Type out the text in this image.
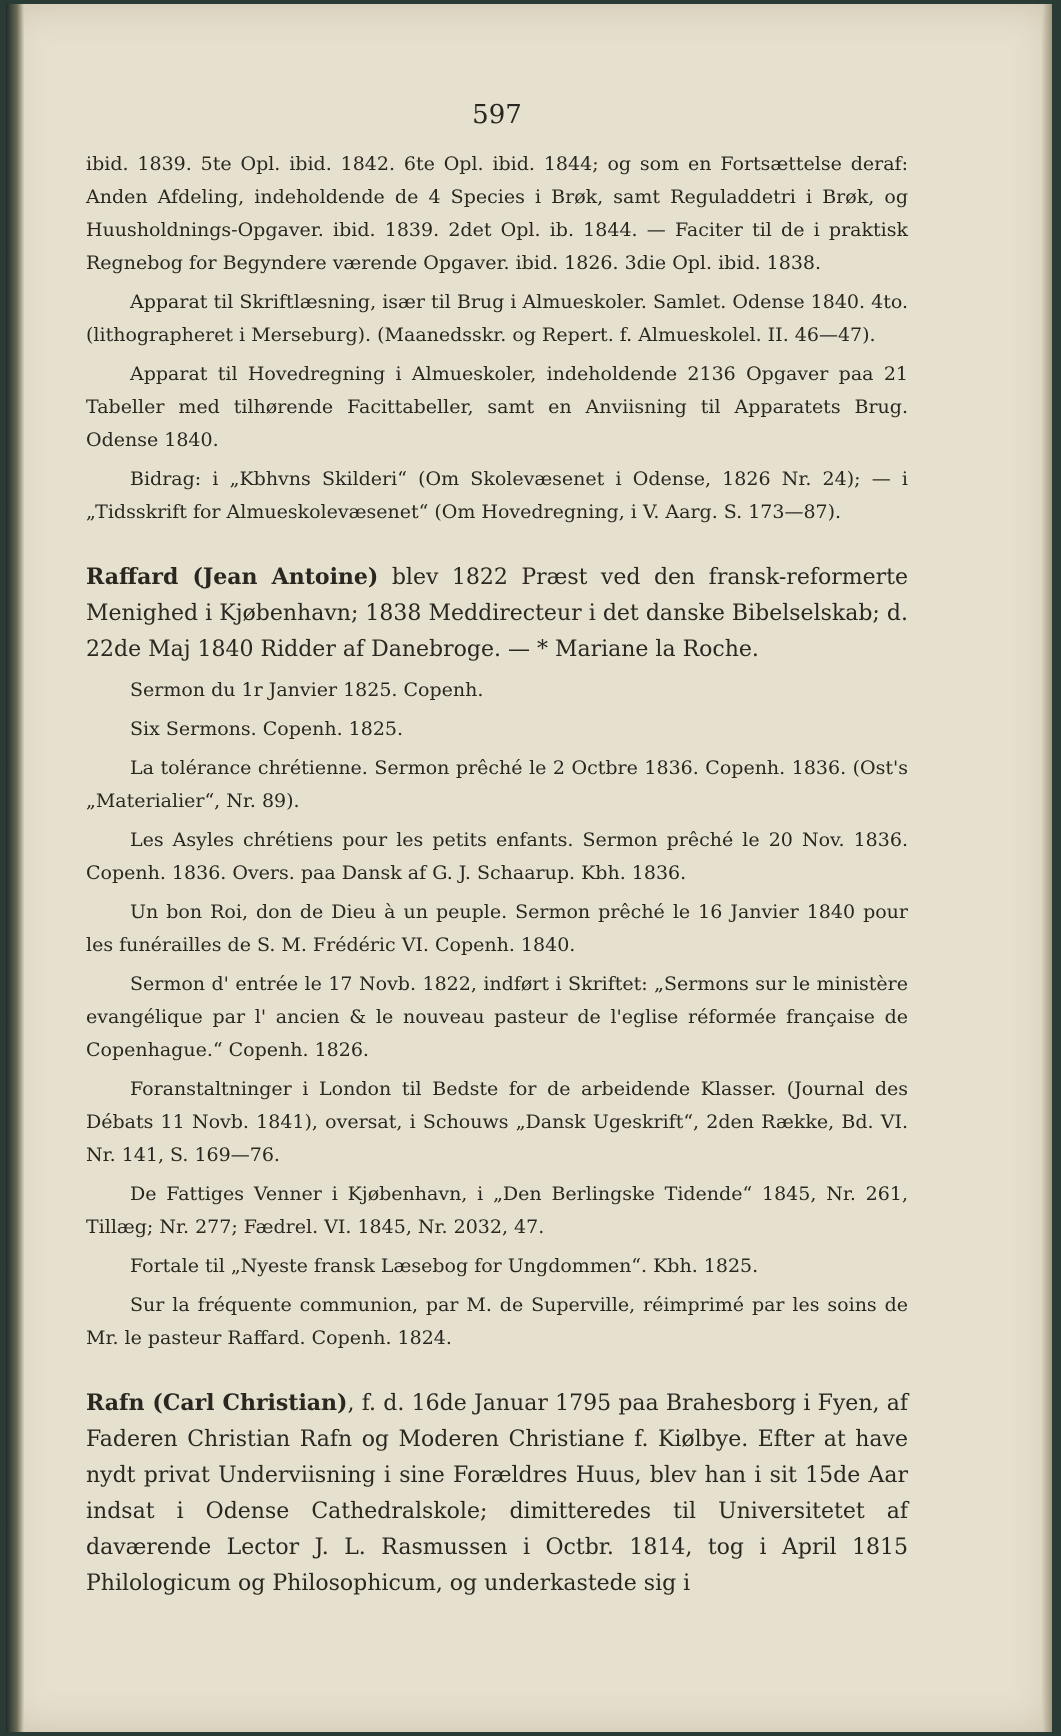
597
ibid. 1839. 5te Opl. ibid. 1842. 6te Opl. ibid. 1844; og som en Fortsættelse deraf: Anden Afdeling, indeholdende de 4 Species i Brøk, samt Reguladdetri i Brøk, og Huusholdnings-Opgaver. ibid. 1839. 2det Opl. ib. 1844. — Faciter til de i praktisk Regnebog for Begyndere værende Opgaver. ibid. 1826. 3die Opl. ibid. 1838.
Apparat til Skriftlæsning, især til Brug i Almueskoler. Samlet. Odense 1840. 4to. (lithographeret i Merseburg). (Maanedsskr. og Repert. f. Almueskolel. II. 46—47).
Apparat til Hovedregning i Almueskoler, indeholdende 2136 Opgaver paa 21 Tabeller med tilhørende Facittabeller, samt en Anviisning til Apparatets Brug. Odense 1840.
Bidrag: i „Kbhvns Skilderi“ (Om Skolevæsenet i Odense, 1826 Nr. 24); — i „Tidsskrift for Almueskolevæsenet“ (Om Hovedregning, i V. Aarg. S. 173—87).
Raffard (Jean Antoine) blev 1822 Præst ved den fransk-reformerte Menighed i Kjøbenhavn; 1838 Meddirecteur i det danske Bibelselskab; d. 22de Maj 1840 Ridder af Danebroge. — * Mariane la Roche.
Sermon du 1r Janvier 1825. Copenh.
Six Sermons. Copenh. 1825.
La tolérance chrétienne. Sermon prêché le 2 Octbre 1836. Copenh. 1836. (Ost's „Materialier“, Nr. 89).
Les Asyles chrétiens pour les petits enfants. Sermon prêché le 20 Nov. 1836. Copenh. 1836. Overs. paa Dansk af G. J. Schaarup. Kbh. 1836.
Un bon Roi, don de Dieu à un peuple. Sermon prêché le 16 Janvier 1840 pour les funérailles de S. M. Frédéric VI. Copenh. 1840.
Sermon d' entrée le 17 Novb. 1822, indført i Skriftet: „Sermons sur le ministère evangélique par l' ancien & le nouveau pasteur de l'eglise réformée française de Copenhague.“ Copenh. 1826.
Foranstaltninger i London til Bedste for de arbeidende Klasser. (Journal des Débats 11 Novb. 1841), oversat, i Schouws „Dansk Ugeskrift“, 2den Række, Bd. VI. Nr. 141, S. 169—76.
De Fattiges Venner i Kjøbenhavn, i „Den Berlingske Tidende“ 1845, Nr. 261, Tillæg; Nr. 277; Fædrel. VI. 1845, Nr. 2032, 47.
Fortale til „Nyeste fransk Læsebog for Ungdommen“. Kbh. 1825.
Sur la fréquente communion, par M. de Superville, réimprimé par les soins de Mr. le pasteur Raffard. Copenh. 1824.
Rafn (Carl Christian), f. d. 16de Januar 1795 paa Brahesborg i Fyen, af Faderen Christian Rafn og Moderen Christiane f. Kiølbye. Efter at have nydt privat Underviisning i sine Forældres Huus, blev han i sit 15de Aar indsat i Odense Cathedralskole; dimitteredes til Universitetet af daværende Lector J. L. Rasmussen i Octbr. 1814, tog i April 1815 Philologicum og Philosophicum, og underkastede sig i
